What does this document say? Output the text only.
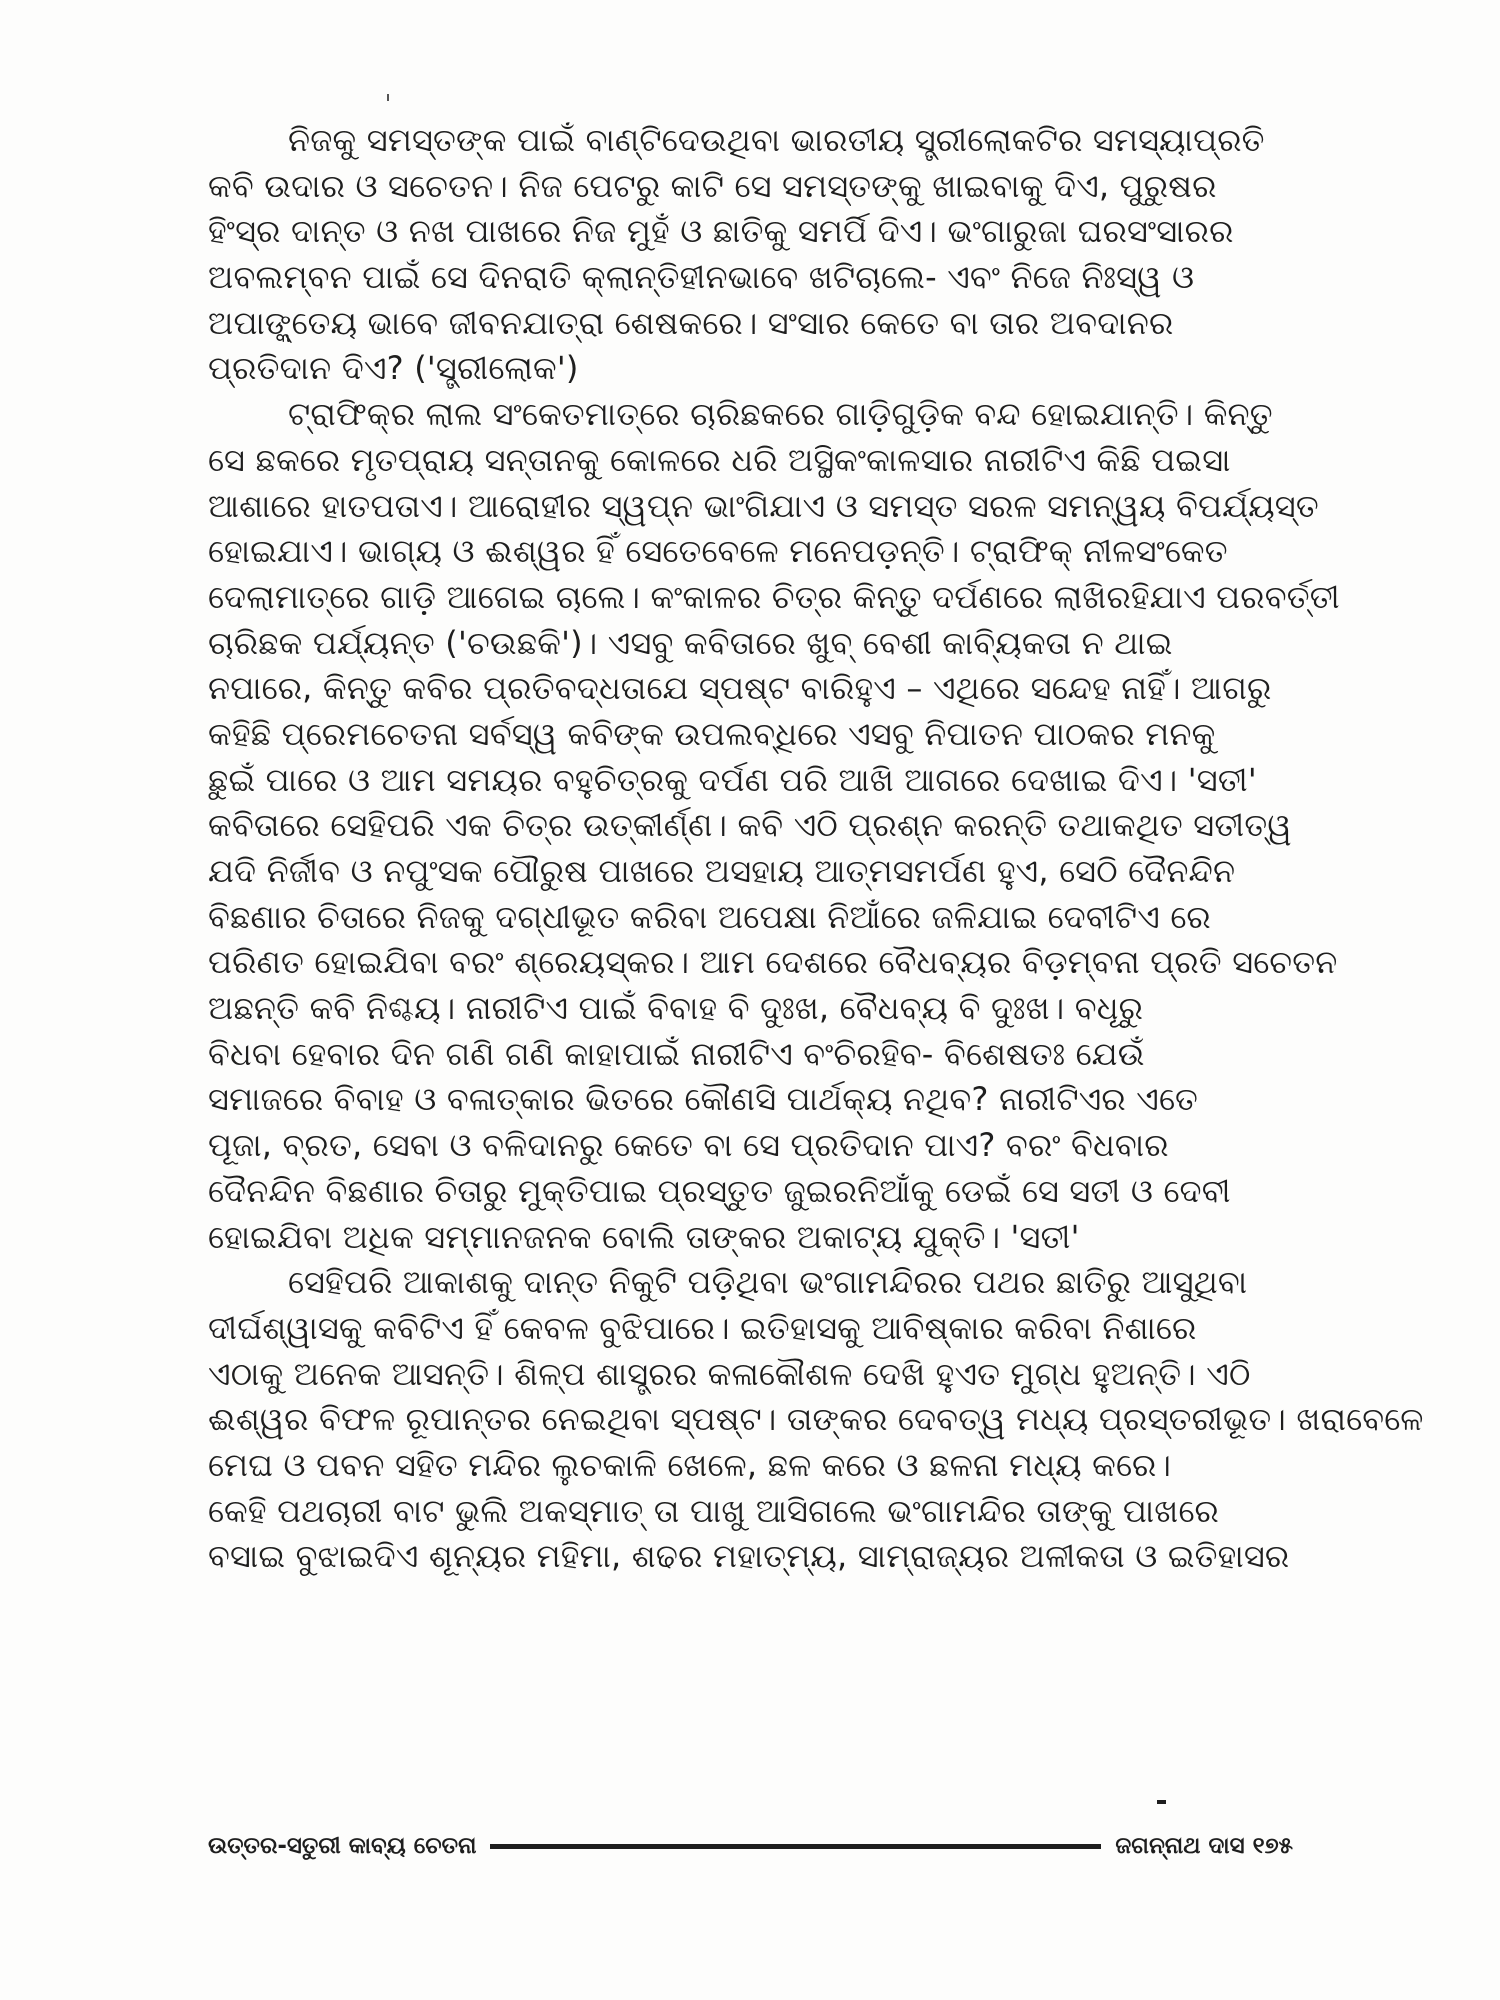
ନିଜକୁ ସମସ୍ତଙ୍କ ପାଇଁ ବାଣ୍ଟିଦେଉଥିବା ଭାରତୀୟ ସ୍ତ୍ରୀଲୋକଟିର ସମସ୍ୟାପ୍ରତି
କବି ଉଦାର ଓ ସଚେତନ। ନିଜ ପେଟରୁ କାଟି ସେ ସମସ୍ତଙ୍କୁ ଖାଇବାକୁ ଦିଏ, ପୁରୁଷର
ହିଂସ୍ର ଦାନ୍ତ ଓ ନଖ ପାଖରେ ନିଜ ମୁହଁ ଓ ଛାତିକୁ ସମର୍ପି ଦିଏ। ଭଂଗାରୁଜା ଘରସଂସାରର
ଅବଲମ୍ବନ ପାଇଁ ସେ ଦିନରାତି କ୍ଲାନ୍ତିହୀନଭାବେ ଖଟିଚାଲେ- ଏବଂ ନିଜେ ନିଃସ୍ୱ ଓ
ଅପାଙ୍କ୍ତେୟ ଭାବେ ଜୀବନଯାତ୍ରା ଶେଷକରେ। ସଂସାର କେତେ ବା ତାର ଅବଦାନର
ପ୍ରତିଦାନ ଦିଏ? ('ସ୍ତ୍ରୀଲୋକ')
ଟ୍ରାଫିକ୍‌ର ଲାଲ ସଂକେତମାତ୍ରେ ଚାରିଛକରେ ଗାଡ଼ିଗୁଡ଼ିକ ବନ୍ଦ ହୋଇଯାନ୍ତି। କିନ୍ତୁ
ସେ ଛକରେ ମୃତପ୍ରାୟ ସନ୍ତାନକୁ କୋଳରେ ଧରି ଅସ୍ଥିକଂକାଳସାର ନାରୀଟିଏ କିଛି ପଇସା
ଆଶାରେ ହାତପତାଏ। ଆରୋହୀର ସ୍ୱପ୍ନ ଭାଂଗିଯାଏ ଓ ସମସ୍ତ ସରଳ ସମନ୍ୱୟ ବିପର୍ଯ୍ୟସ୍ତ
ହୋଇଯାଏ। ଭାଗ୍ୟ ଓ ଈଶ୍ୱର ହିଁ ସେତେବେଳେ ମନେପଡ଼ନ୍ତି। ଟ୍ରାଫିକ୍ ନୀଳସଂକେତ
ଦେଲାମାତ୍ରେ ଗାଡ଼ି ଆଗେଇ ଚାଲେ। କଂକାଳର ଚିତ୍ର କିନ୍ତୁ ଦର୍ପଣରେ ଲାଖିରହିଯାଏ ପରବର୍ତ୍ତୀ
ଚାରିଛକ ପର୍ଯ୍ୟନ୍ତ ('ଚଉଛକି')। ଏସବୁ କବିତାରେ ଖୁବ୍ ବେଶୀ କାବ୍ୟିକତା ନ ଥାଇ
ନପାରେ, କିନ୍ତୁ କବିର ପ୍ରତିବଦ୍ଧତାଯେ ସ୍ପଷ୍ଟ ବାରିହୁଏ – ଏଥିରେ ସନ୍ଦେହ ନାହିଁ। ଆଗରୁ
କହିଛି ପ୍ରେମଚେତନା ସର୍ବସ୍ୱ କବିଙ୍କ ଉପଲବ୍‌ଧିରେ ଏସବୁ ନିପାତନ ପାଠକର ମନକୁ
ଛୁଇଁ ପାରେ ଓ ଆମ ସମୟର ବହୁଚିତ୍ରକୁ ଦର୍ପଣ ପରି ଆଖି ଆଗରେ ଦେଖାଇ ଦିଏ। 'ସତୀ'
କବିତାରେ ସେହିପରି ଏକ ଚିତ୍ର ଉତ୍କୀର୍ଣ୍ଣ। କବି ଏଠି ପ୍ରଶ୍ନ କରନ୍ତି ତଥାକଥିତ ସତୀତ୍ୱ
ଯଦି ନିର୍ଜୀବ ଓ ନପୁଂସକ ପୌରୁଷ ପାଖରେ ଅସହାୟ ଆତ୍ମସମର୍ପଣ ହୁଏ, ସେଠି ଦୈନନ୍ଦିନ
ବିଛଣାର ଚିତାରେ ନିଜକୁ ଦଗ୍ଧୀଭୂତ କରିବା ଅପେକ୍ଷା ନିଆଁରେ ଜଳିଯାଇ ଦେବୀଟିଏ ରେ
ପରିଣତ ହୋଇଯିବା ବରଂ ଶ୍ରେୟସ୍କର। ଆମ ଦେଶରେ ବୈଧବ୍ୟର ବିଡ଼ମ୍ବନା ପ୍ରତି ସଚେତନ
ଅଛନ୍ତି କବି ନିଶ୍ଚୟ। ନାରୀଟିଏ ପାଇଁ ବିବାହ ବି ଦୁଃଖ, ବୈଧବ୍ୟ ବି ଦୁଃଖ। ବଧୂରୁ
ବିଧବା ହେବାର ଦିନ ଗଣି ଗଣି କାହାପାଇଁ ନାରୀଟିଏ ବଂଚିରହିବ- ବିଶେଷତଃ ଯେଉଁ
ସମାଜରେ ବିବାହ ଓ ବଳାତ୍କାର ଭିତରେ କୌଣସି ପାର୍ଥକ୍ୟ ନଥିବ? ନାରୀଟିଏର ଏତେ
ପୂଜା, ବ୍ରତ, ସେବା ଓ ବଳିଦାନରୁ କେତେ ବା ସେ ପ୍ରତିଦାନ ପାଏ? ବରଂ ବିଧବାର
ଦୈନନ୍ଦିନ ବିଛଣାର ଚିତାରୁ ମୁକ୍ତିପାଇ ପ୍ରସ୍ତୁତ ଜୁଇରନିଆଁକୁ ଡେଇଁ ସେ ସତୀ ଓ ଦେବୀ
ହୋଇଯିବା ଅଧିକ ସମ୍ମାନଜନକ ବୋଲି ତାଙ୍କର ଅକାଟ୍ୟ ଯୁକ୍ତି। 'ସତୀ'
ସେହିପରି ଆକାଶକୁ ଦାନ୍ତ ନିକୁଟି ପଡ଼ିଥିବା ଭଂଗାମନ୍ଦିରର ପଥର ଛାତିରୁ ଆସୁଥିବା
ଦୀର୍ଘଶ୍ୱାସକୁ କବିଟିଏ ହିଁ କେବଳ ବୁଝିପାରେ। ଇତିହାସକୁ ଆବିଷ୍କାର କରିବା ନିଶାରେ
ଏଠାକୁ ଅନେକ ଆସନ୍ତି। ଶିଳ୍ପ ଶାସ୍ତ୍ରର କଳାକୌଶଳ ଦେଖି ହୁଏତ ମୁଗ୍ଧ ହୁଅନ୍ତି। ଏଠି
ଈଶ୍ୱର ବିଫଳ ରୂପାନ୍ତର ନେଇଥିବା ସ୍ପଷ୍ଟ। ତାଙ୍କର ଦେବତ୍ୱ ମଧ୍ୟ ପ୍ରସ୍ତରୀଭୂତ। ଖରାବେଳେ
ମେଘ ଓ ପବନ ସହିତ ମନ୍ଦିର ଲୁଚକାଳି ଖେଳେ, ଛଳ କରେ ଓ ଛଳନା ମଧ୍ୟ କରେ।
କେହି ପଥଚାରୀ ବାଟ ଭୁଲି ଅକସ୍ମାତ୍ ତା ପାଖୁ ଆସିଗଲେ ଭଂଗାମନ୍ଦିର ତାଙ୍କୁ ପାଖରେ
ବସାଇ ବୁଝାଇଦିଏ ଶୂନ୍ୟର ମହିମା, ଶଢର ମହାତ୍ମ୍ୟ, ସାମ୍ରାଜ୍ୟର ଅଳୀକତା ଓ ଇତିହାସର
ଉତ୍ତର-ସତୁରୀ କାବ୍ୟ ଚେତନା	ଜଗନ୍ନାଥ ଦାସ ୧୭୫
